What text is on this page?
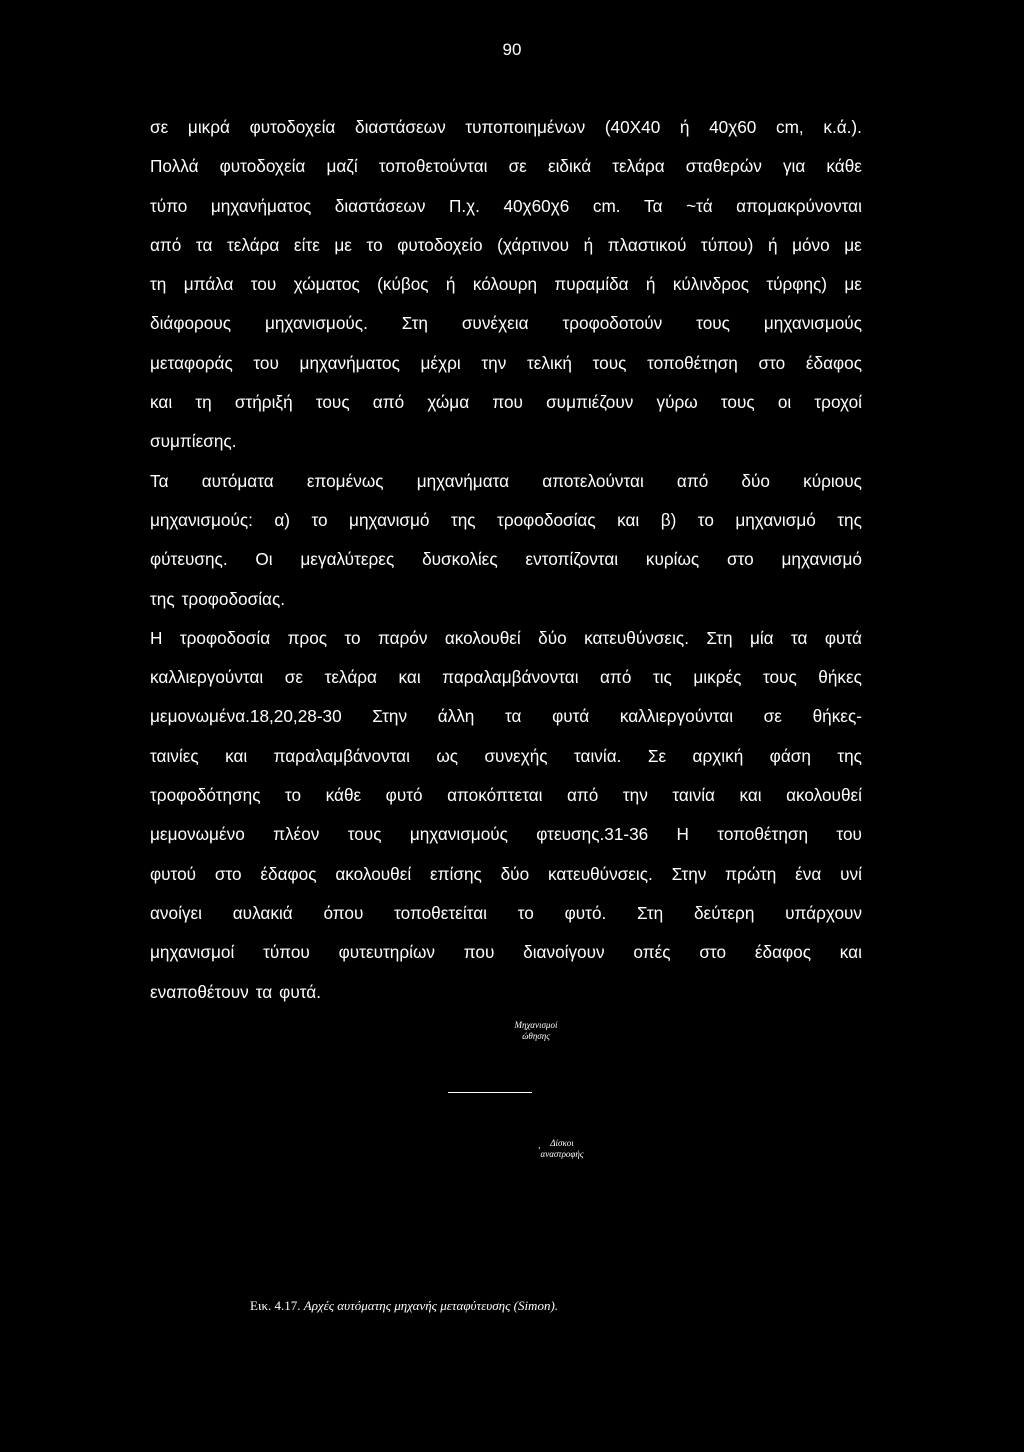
90
σε μικρά φυτοδοχεία διαστάσεων τυποποιημένων (40Χ40 ή 40χ60 cm, κ.ά.).
Πολλά φυτοδοχεία μαζί τοποθετούνται σε ειδικά τελάρα σταθερών για κάθε
τύπο μηχανήματος διαστάσεων Π.χ. 40χ60χ6 cm. Τα ~τά απομακρύνονται
από τα τελάρα είτε με το φυτοδοχείο (χάρτινου ή πλαστικού τύπου) ή μόνο με
τη μπάλα του χώματος (κύβος ή κόλουρη πυραμίδα ή κύλινδρος τύρφης) με
διάφορους μηχανισμούς. Στη συνέχεια τροφοδοτούν τους μηχανισμούς
μεταφοράς του μηχανήματος μέχρι την τελική τους τοποθέτηση στο έδαφος
και τη στήριξή τους από χώμα που συμπιέζουν γύρω τους οι τροχοί
συμπίεσης.
Τα αυτόματα επομένως μηχανήματα αποτελούνται από δύο κύριους
μηχανισμούς: α) το μηχανισμό της τροφοδοσίας και β) το μηχανισμό της
φύτευσης. Οι μεγαλύτερες δυσκολίες εντοπίζονται κυρίως στο μηχανισμό
της τροφοδοσίας.
Η τροφοδοσία προς το παρόν ακολουθεί δύο κατευθύνσεις. Στη μία τα φυτά
καλλιεργούνται σε τελάρα και παραλαμβάνονται από τις μικρές τους θήκες
μεμονωμένα.18,20,28-30 Στην άλλη τα φυτά καλλιεργούνται σε θήκες-
ταινίες και παραλαμβάνονται ως συνεχής ταινία. Σε αρχική φάση της
τροφοδότησης το κάθε φυτό αποκόπτεται από την ταινία και ακολουθεί
μεμονωμένο πλέον τους μηχανισμούς φτευσης.31-36 Η τοποθέτηση του
φυτού στο έδαφος ακολουθεί επίσης δύο κατευθύνσεις. Στην πρώτη ένα υνί
ανοίγει αυλακιά όπου τοποθετείται το φυτό. Στη δεύτερη υπάρχουν
μηχανισμοί τύπου φυτευτηρίων που διανοίγουν οπές στο έδαφος και
εναποθέτουν τα φυτά.
Μηχανισμοί
ώθησης
,	Δίσκοι
αναστροφής
Εικ. 4.17. Αρχές αυτόματης μηχανής μεταφύτευσης (Simon).
